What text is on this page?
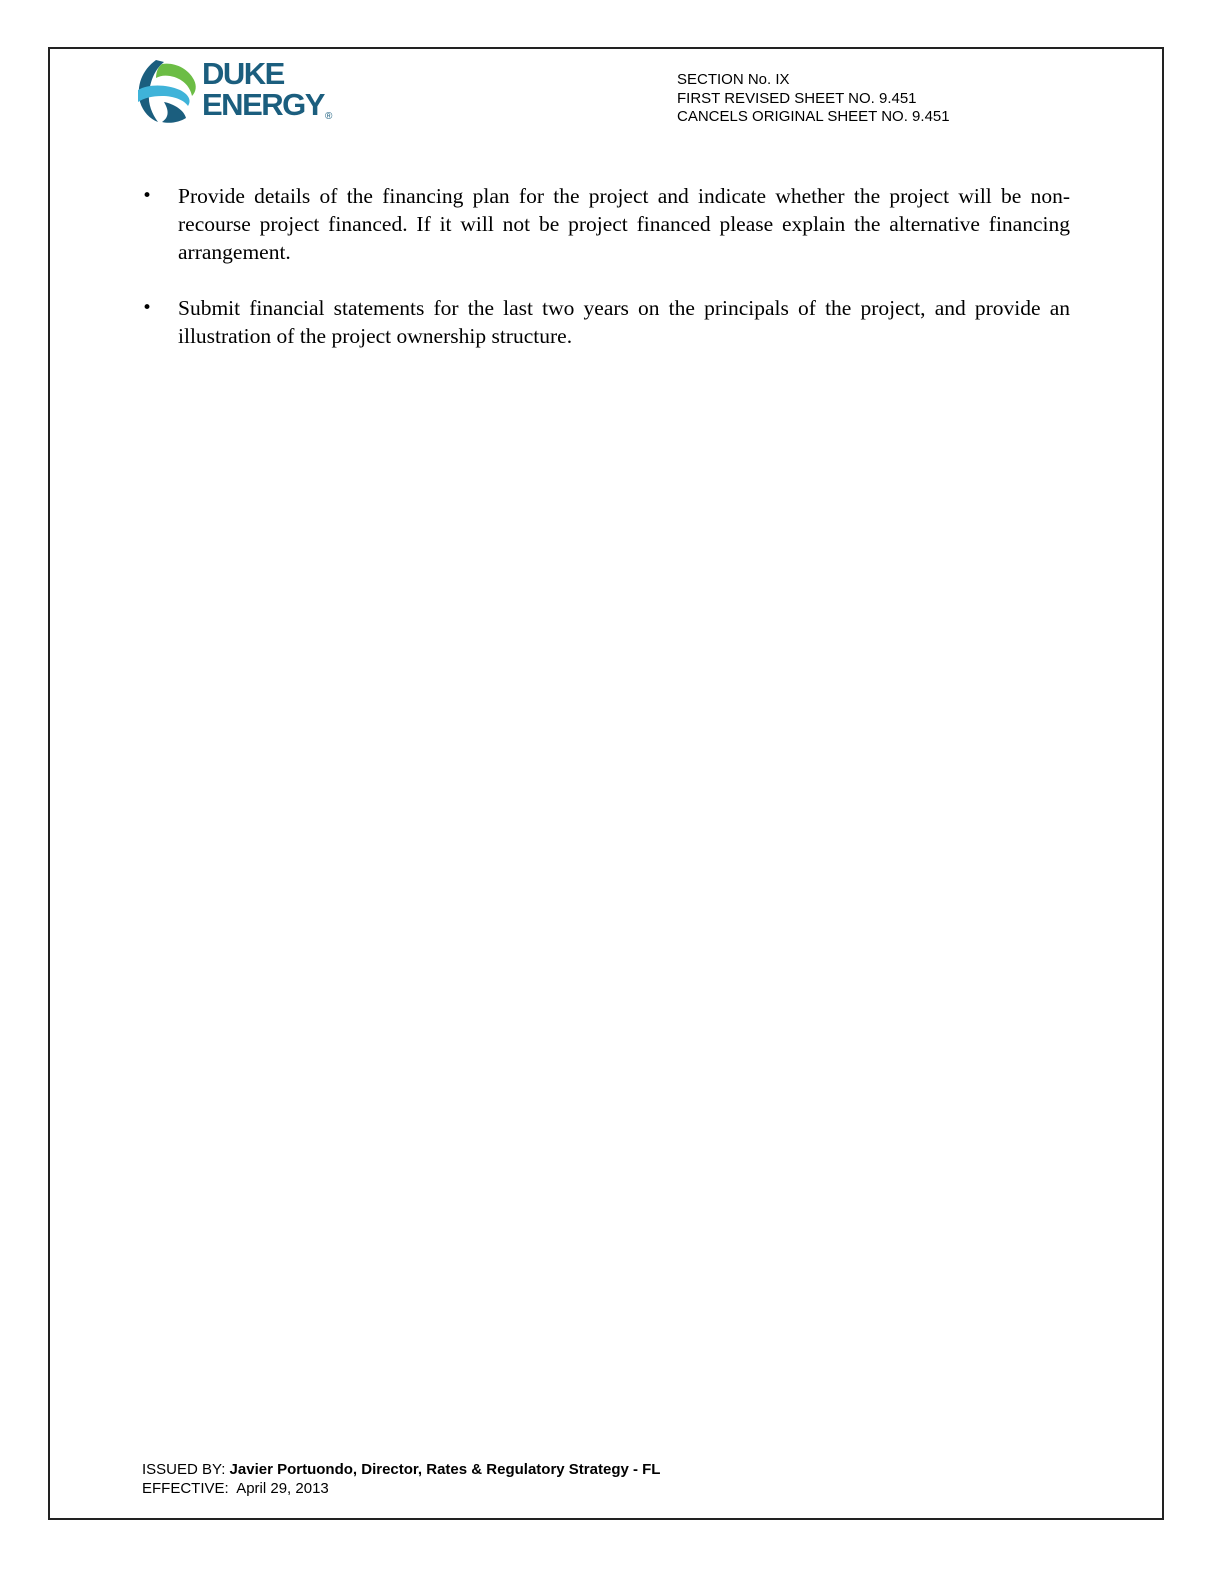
DUKE
ENERGY ®
SECTION No. IX
FIRST REVISED SHEET NO. 9.451
CANCELS ORIGINAL SHEET NO. 9.451
• Provide details of the financing plan for the project and indicate whether the project will be non-recourse project financed. If it will not be project financed please explain the alternative financing arrangement.
• Submit financial statements for the last two years on the principals of the project, and provide an illustration of the project ownership structure.
ISSUED BY: Javier Portuondo, Director, Rates & Regulatory Strategy - FL
EFFECTIVE:  April 29, 2013
